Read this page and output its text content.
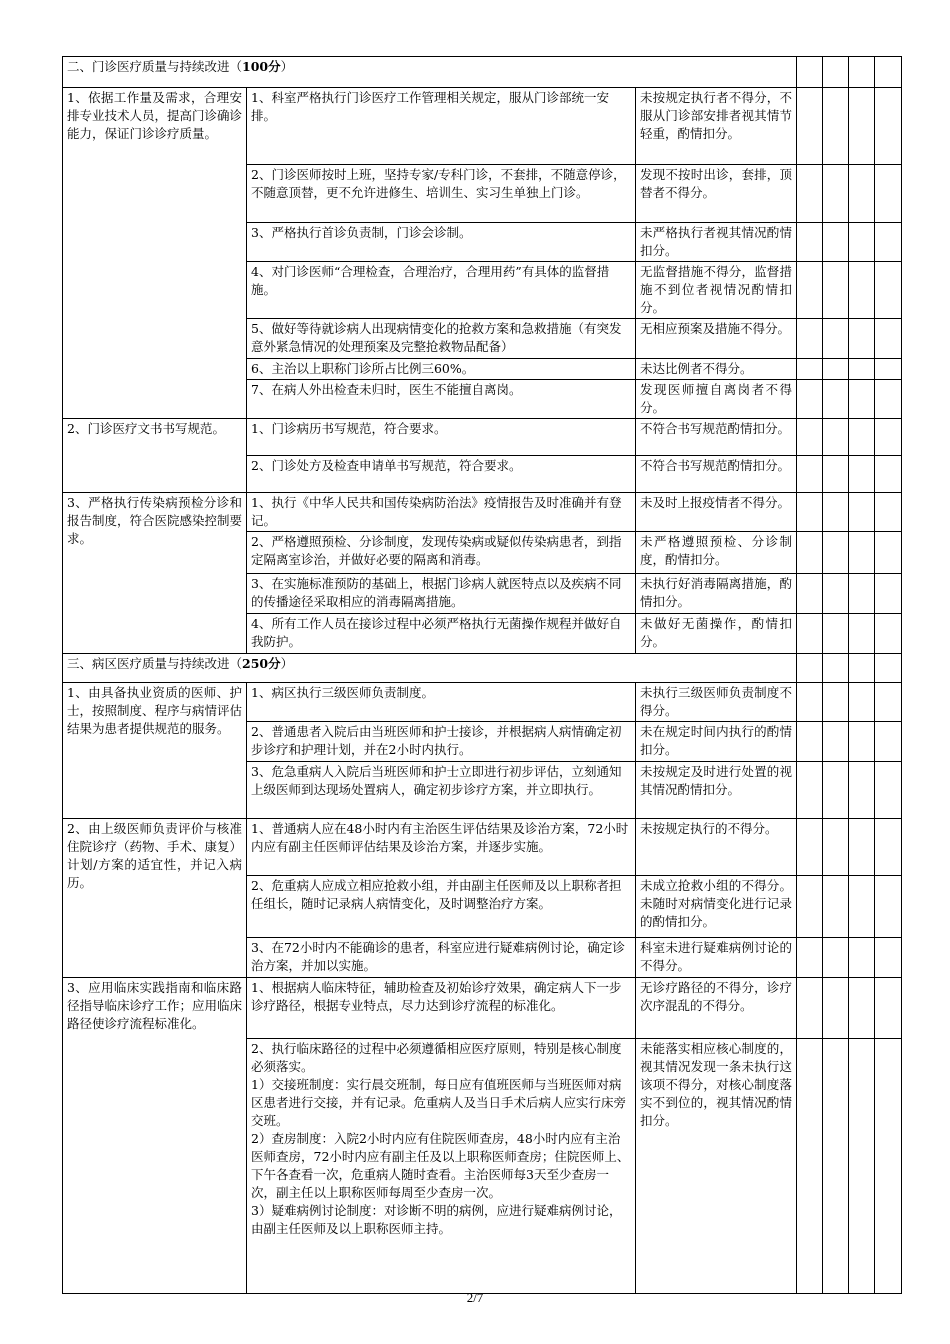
二、门诊医疗质量与持续改进（100分）						
1、依据工作量及需求，合理安排专业技术人员，提高门诊确诊能力，保证门诊诊疗质量。	1、科室严格执行门诊医疗工作管理相关规定，服从门诊部统一安排。	未按规定执行者不得分，不服从门诊部安排者视其情节轻重，酌情扣分。				
	2、门诊医师按时上班，坚持专家/专科门诊，不套排，不随意停诊，不随意顶替，更不允许进修生、培训生、实习生单独上门诊。	发现不按时出诊，套排，顶替者不得分。				
	3、严格执行首诊负责制，门诊会诊制。	未严格执行者视其情况酌情扣分。				
	4、对门诊医师“合理检查，合理治疗，合理用药”有具体的监督措施。	无监督措施不得分，监督措施不到位者视情况酌情扣分。				
	5、做好等待就诊病人出现病情变化的抢救方案和急救措施（有突发意外紧急情况的处理预案及完整抢救物品配备）	无相应预案及措施不得分。				
	6、主治以上职称门诊所占比例三60%。	未达比例者不得分。				
	7、在病人外出检查未归时，医生不能擅自离岗。	发现医师擅自离岗者不得分。				
2、门诊医疗文书书写规范。	1、门诊病历书写规范，符合要求。	不符合书写规范酌情扣分。				
	2、门诊处方及检查申请单书写规范，符合要求。	不符合书写规范酌情扣分。				
3、严格执行传染病预检分诊和报告制度，符合医院感染控制要求。	1、执行《中华人民共和国传染病防治法》疫情报告及时准确并有登记。	未及时上报疫情者不得分。				
	2、严格遵照预检、分诊制度，发现传染病或疑似传染病患者，到指定隔离室诊治，并做好必要的隔离和消毒。	未严格遵照预检、分诊制度，酌情扣分。				
	3、在实施标准预防的基础上，根据门诊病人就医特点以及疾病不同的传播途径采取相应的消毒隔离措施。	未执行好消毒隔离措施，酌情扣分。				
	4、所有工作人员在接诊过程中必须严格执行无菌操作规程并做好自我防护。	未做好无菌操作，酌情扣分。				
三、病区医疗质量与持续改进（250分）						
1、由具备执业资质的医师、护士，按照制度、程序与病情评估结果为患者提供规范的服务。	1、病区执行三级医师负责制度。	未执行三级医师负责制度不得分。				
	2、普通患者入院后由当班医师和护士接诊，并根据病人病情确定初步诊疗和护理计划，并在2小时内执行。	未在规定时间内执行的酌情扣分。				
	3、危急重病人入院后当班医师和护士立即进行初步评估，立刻通知上级医师到达现场处置病人，确定初步诊疗方案，并立即执行。	未按规定及时进行处置的视其情况酌情扣分。				
2、由上级医师负责评价与核准住院诊疗（药物、手术、康复）计划/方案的适宜性，并记入病历。	1、普通病人应在48小时内有主治医生评估结果及诊治方案，72小时内应有副主任医师评估结果及诊治方案，并逐步实施。	未按规定执行的不得分。				
	2、危重病人应成立相应抢救小组，并由副主任医师及以上职称者担任组长，随时记录病人病情变化，及时调整治疗方案。	未成立抢救小组的不得分。未随时对病情变化进行记录的酌情扣分。				
	3、在72小时内不能确诊的患者，科室应进行疑难病例讨论，确定诊治方案，并加以实施。	科室未进行疑难病例讨论的不得分。				
3、应用临床实践指南和临床路径指导临床诊疗工作；应用临床路径使诊疗流程标准化。	1、根据病人临床特征，辅助检查及初始诊疗效果，确定病人下一步诊疗路径，根据专业特点，尽力达到诊疗流程的标准化。	无诊疗路径的不得分，诊疗次序混乱的不得分。				

	2、执行临床路径的过程中必须遵循相应医疗原则，特别是核心制度必须落实。
1）交接班制度：实行晨交班制，每日应有值班医师与当班医师对病区患者进行交接，并有记录。危重病人及当日手术后病人应实行床旁交班。
2）查房制度：入院2小时内应有住院医师查房，48小时内应有主治医师查房，72小时内应有副主任及以上职称医师查房；住院医师上、下午各查看一次，危重病人随时查看。主治医师每3天至少查房一次，副主任以上职称医师每周至少查房一次。
3）疑难病例讨论制度：对诊断不明的病例，应进行疑难病例讨论，由副主任医师及以上职称医师主持。	未能落实相应核心制度的，视其情况发现一条未执行这该项不得分，对核心制度落实不到位的，视其情况酌情扣分。				
2/7
